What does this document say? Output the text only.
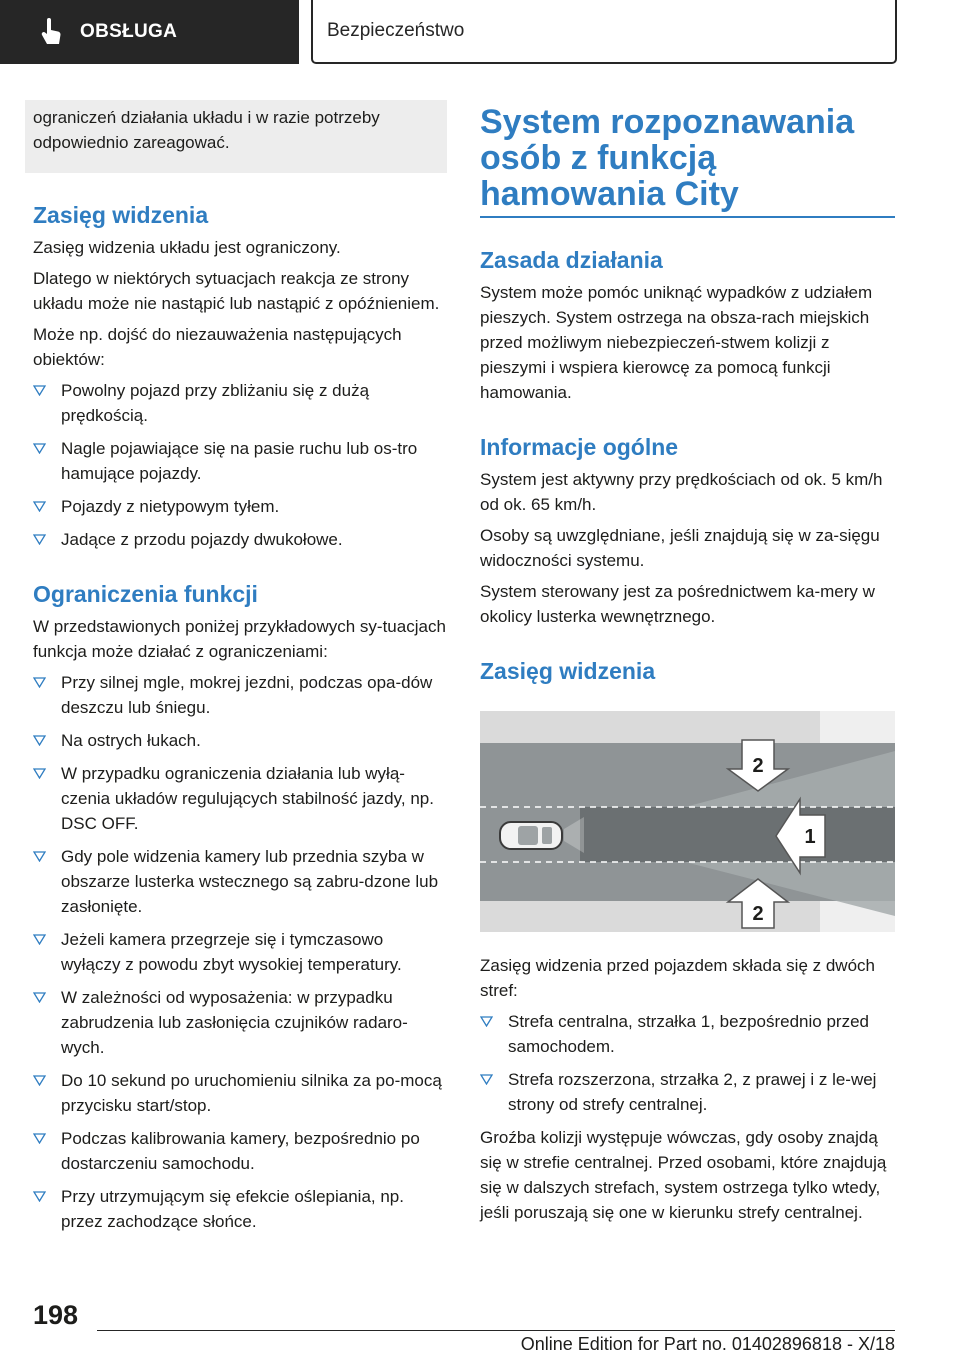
OBSŁUGA	Bezpieczeństwo
ograniczeń działania układu i w razie potrzeby odpowiednio zareagować.
Zasięg widzenia

Zasięg widzenia układu jest ograniczony.

Dlatego w niektórych sytuacjach reakcja ze strony układu może nie nastąpić lub nastąpić z opóźnieniem.

Może np. dojść do niezauważenia następujących obiektów:

Powolny pojazd przy zbliżaniu się z dużą prędkością.
Nagle pojawiające się na pasie ruchu lub os-tro hamujące pojazdy.
Pojazdy z nietypowym tyłem.
Jadące z przodu pojazdy dwukołowe.
Ograniczenia funkcji

W przedstawionych poniżej przykładowych sy-tuacjach funkcja może działać z ograniczeniami:

Przy silnej mgle, mokrej jezdni, podczas opa-dów deszczu lub śniegu.
Na ostrych łukach.
W przypadku ograniczenia działania lub wyłą-czenia układów regulujących stabilność jazdy, np. DSC OFF.
Gdy pole widzenia kamery lub przednia szyba w obszarze lusterka wstecznego są zabru-dzone lub zasłonięte.
Jeżeli kamera przegrzeje się i tymczasowo wyłączy z powodu zbyt wysokiej temperatury.
W zależności od wyposażenia: w przypadku zabrudzenia lub zasłonięcia czujników radaro-wych.
Do 10 sekund po uruchomieniu silnika za po-mocą przycisku start/stop.
Podczas kalibrowania kamery, bezpośrednio po dostarczeniu samochodu.
Przy utrzymującym się efekcie oślepiania, np. przez zachodzące słońce.
System rozpoznawania osób z funkcją hamowania City
Zasada działania

System może pomóc uniknąć wypadków z udziałem pieszych. System ostrzega na obsza-rach miejskich przed możliwym niebezpieczeń-stwem kolizji z pieszymi i wspiera kierowcę za pomocą funkcji hamowania.

Informacje ogólne

System jest aktywny przy prędkościach od ok. 5 km/h od ok. 65 km/h.

Osoby są uwzględniane, jeśli znajdują się w za-sięgu widoczności systemu.

System sterowany jest za pośrednictwem ka-mery w okolicy lusterka wewnętrznego.

Zasięg widzenia
2
1
2

Zasięg widzenia przed pojazdem składa się z dwóch stref:

Strefa centralna, strzałka 1, bezpośrednio przed samochodem.
Strefa rozszerzona, strzałka 2, z prawej i z le-wej strony od strefy centralnej.

Groźba kolizji występuje wówczas, gdy osoby znajdą się w strefie centralnej. Przed osobami, które znajdują się w dalszych strefach, system ostrzega tylko wtedy, jeśli poruszają się one w kierunku strefy centralnej.

198
Online Edition for Part no. 01402896818 - X/18
